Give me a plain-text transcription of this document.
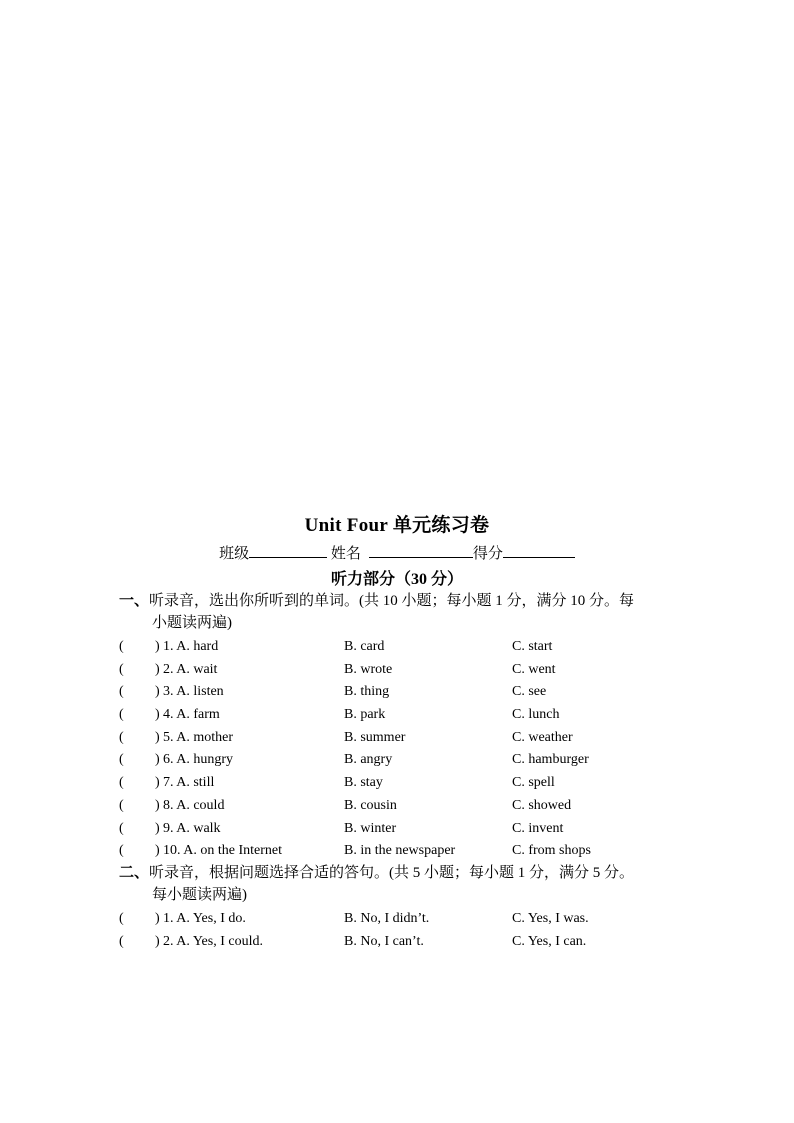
Unit Four 单元练习卷
班级	姓名	得分
听力部分（30 分）
一、听录音，选出你所听到的单词。(共 10 小题；每小题 1 分，满分 10 分。每
小题读两遍)
( ) 1. A. hard	B. card	C. start
( ) 2. A. wait	B. wrote	C. went
( ) 3. A. listen	B. thing	C. see
( ) 4. A. farm	B. park	C. lunch
( ) 5. A. mother	B. summer	C. weather
( ) 6. A. hungry	B. angry	C. hamburger
( ) 7. A. still	B. stay	C. spell
( ) 8. A. could	B. cousin	C. showed
( ) 9. A. walk	B. winter	C. invent
( ) 10. A. on the Internet	B. in the newspaper	C. from shops
二、听录音，根据问题选择合适的答句。(共 5 小题；每小题 1 分，满分 5 分。
每小题读两遍)
( ) 1. A. Yes, I do.	B. No, I didn’t.	C. Yes, I was.
( ) 2. A. Yes, I could.	B. No, I can’t.	C. Yes, I can.
